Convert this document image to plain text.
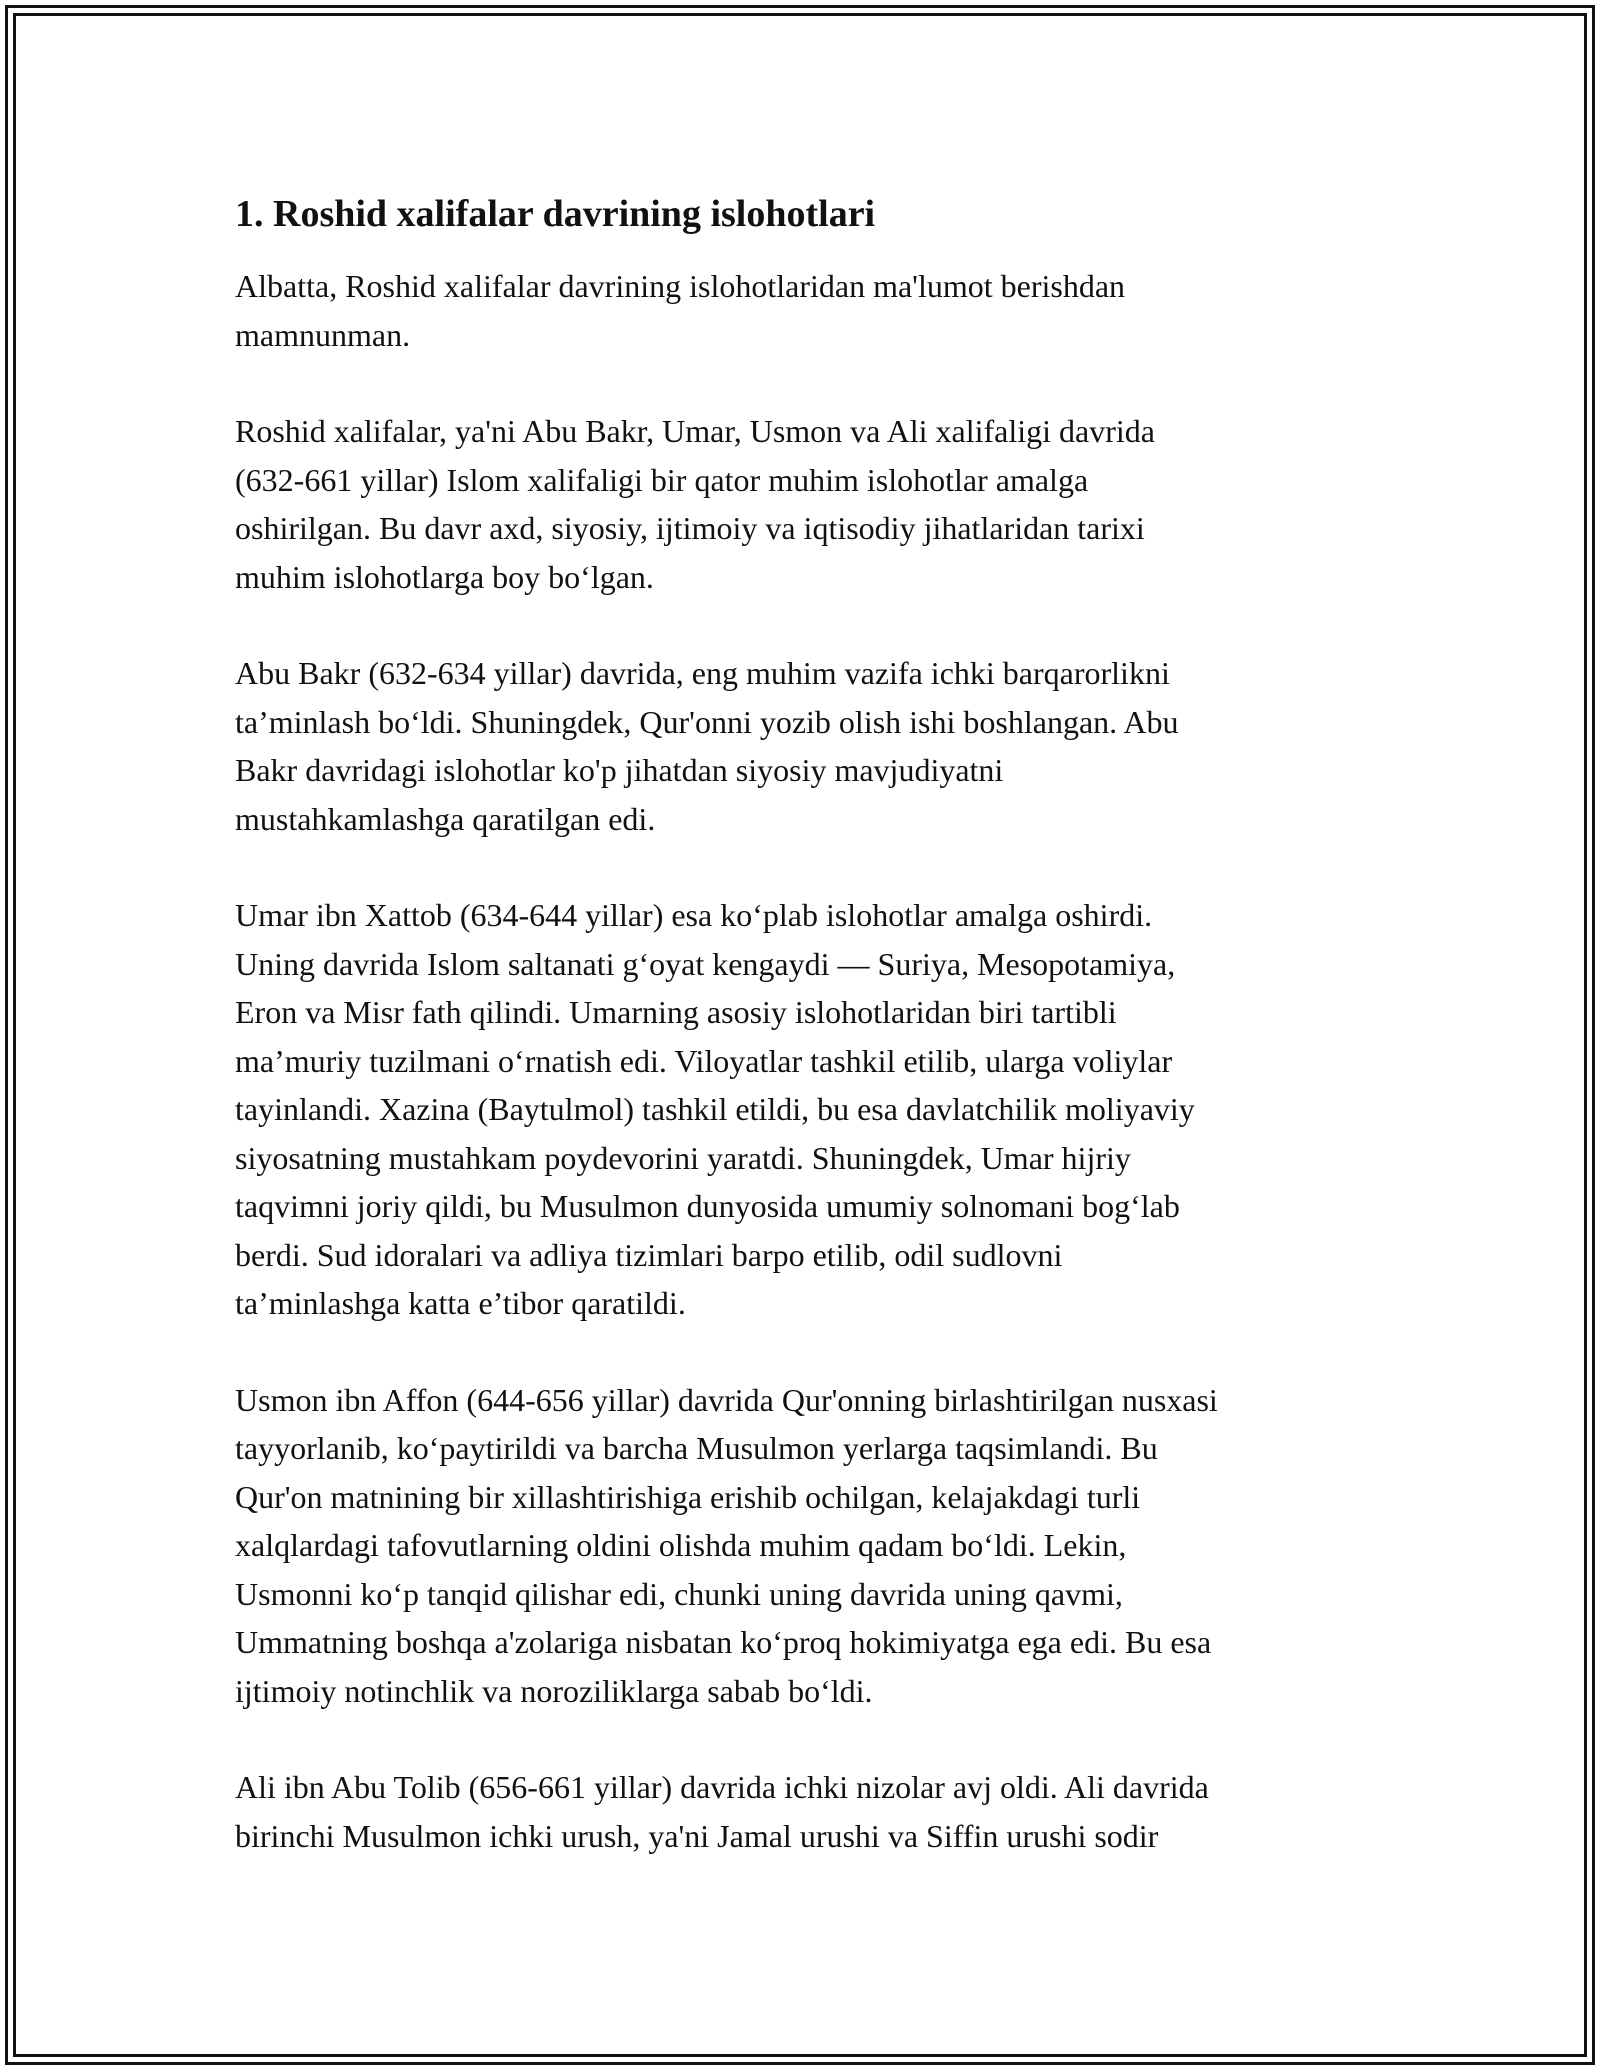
1. Roshid xalifalar davrining islohotlari

Albatta, Roshid xalifalar davrining islohotlaridan ma'lumot berishdan
mamnunman.

Roshid xalifalar, ya'ni Abu Bakr, Umar, Usmon va Ali xalifaligi davrida
(632-661 yillar) Islom xalifaligi bir qator muhim islohotlar amalga
oshirilgan. Bu davr axd, siyosiy, ijtimoiy va iqtisodiy jihatlaridan tarixi
muhim islohotlarga boy bo‘lgan.

Abu Bakr (632-634 yillar) davrida, eng muhim vazifa ichki barqarorlikni
ta’minlash bo‘ldi. Shuningdek, Qur'onni yozib olish ishi boshlangan. Abu
Bakr davridagi islohotlar ko'p jihatdan siyosiy mavjudiyatni
mustahkamlashga qaratilgan edi.

Umar ibn Xattob (634-644 yillar) esa ko‘plab islohotlar amalga oshirdi.
Uning davrida Islom saltanati g‘oyat kengaydi — Suriya, Mesopotamiya,
Eron va Misr fath qilindi. Umarning asosiy islohotlaridan biri tartibli
ma’muriy tuzilmani o‘rnatish edi. Viloyatlar tashkil etilib, ularga voliylar
tayinlandi. Xazina (Baytulmol) tashkil etildi, bu esa davlatchilik moliyaviy
siyosatning mustahkam poydevorini yaratdi. Shuningdek, Umar hijriy
taqvimni joriy qildi, bu Musulmon dunyosida umumiy solnomani bog‘lab
berdi. Sud idoralari va adliya tizimlari barpo etilib, odil sudlovni
ta’minlashga katta e’tibor qaratildi.

Usmon ibn Affon (644-656 yillar) davrida Qur'onning birlashtirilgan nusxasi
tayyorlanib, ko‘paytirildi va barcha Musulmon yerlarga taqsimlandi. Bu
Qur'on matnining bir xillashtirishiga erishib ochilgan, kelajakdagi turli
xalqlardagi tafovutlarning oldini olishda muhim qadam bo‘ldi. Lekin,
Usmonni ko‘p tanqid qilishar edi, chunki uning davrida uning qavmi,
Ummatning boshqa a'zolariga nisbatan ko‘proq hokimiyatga ega edi. Bu esa
ijtimoiy notinchlik va noroziliklarga sabab bo‘ldi.

Ali ibn Abu Tolib (656-661 yillar) davrida ichki nizolar avj oldi. Ali davrida
birinchi Musulmon ichki urush, ya'ni Jamal urushi va Siffin urushi sodir
